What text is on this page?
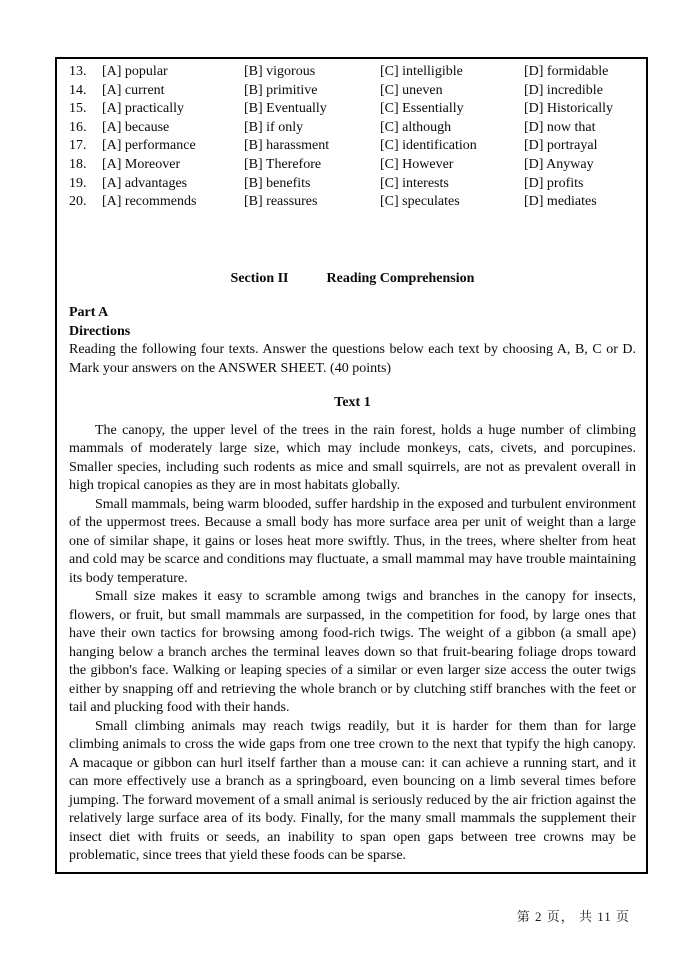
13.	[A] popular	[B] vigorous	[C] intelligible	[D] formidable
14.	[A] current	[B] primitive	[C] uneven	[D] incredible
15.	[A] practically	[B] Eventually	[C] Essentially	[D] Historically
16.	[A] because	[B] if only	[C] although	[D] now that
17.	[A] performance	[B] harassment	[C] identification	[D] portrayal
18.	[A] Moreover	[B] Therefore	[C] However	[D] Anyway
19.	[A] advantages	[B] benefits	[C] interests	[D] profits
20.	[A] recommends	[B] reassures	[C] speculates	[D] mediates
Section II	Reading Comprehension
Part A
Directions

Reading the following four texts. Answer the questions below each text by choosing A, B, C or D. Mark your answers on the ANSWER SHEET. (40 points)

Text 1

The canopy, the upper level of the trees in the rain forest, holds a huge number of climbing mammals of moderately large size, which may include monkeys, cats, civets, and porcupines. Smaller species, including such rodents as mice and small squirrels, are not as prevalent overall in high tropical canopies as they are in most habitats globally.

Small mammals, being warm blooded, suffer hardship in the exposed and turbulent environment of the uppermost trees. Because a small body has more surface area per unit of weight than a large one of similar shape, it gains or loses heat more swiftly. Thus, in the trees, where shelter from heat and cold may be scarce and conditions may fluctuate, a small mammal may have trouble maintaining its body temperature.

Small size makes it easy to scramble among twigs and branches in the canopy for insects, flowers, or fruit, but small mammals are surpassed, in the competition for food, by large ones that have their own tactics for browsing among food-rich twigs. The weight of a gibbon (a small ape) hanging below a branch arches the terminal leaves down so that fruit-bearing foliage drops toward the gibbon's face. Walking or leaping species of a similar or even larger size access the outer twigs either by snapping off and retrieving the whole branch or by clutching stiff branches with the feet or tail and plucking food with their hands.

Small climbing animals may reach twigs readily, but it is harder for them than for large climbing animals to cross the wide gaps from one tree crown to the next that typify the high canopy. A macaque or gibbon can hurl itself farther than a mouse can: it can achieve a running start, and it can more effectively use a branch as a springboard, even bouncing on a limb several times before jumping. The forward movement of a small animal is seriously reduced by the air friction against the relatively large surface area of its body. Finally, for the many small mammals the supplement their insect diet with fruits or seeds, an inability to span open gaps between tree crowns may be problematic, since trees that yield these foods can be sparse.

第 2 页， 共 11 页
